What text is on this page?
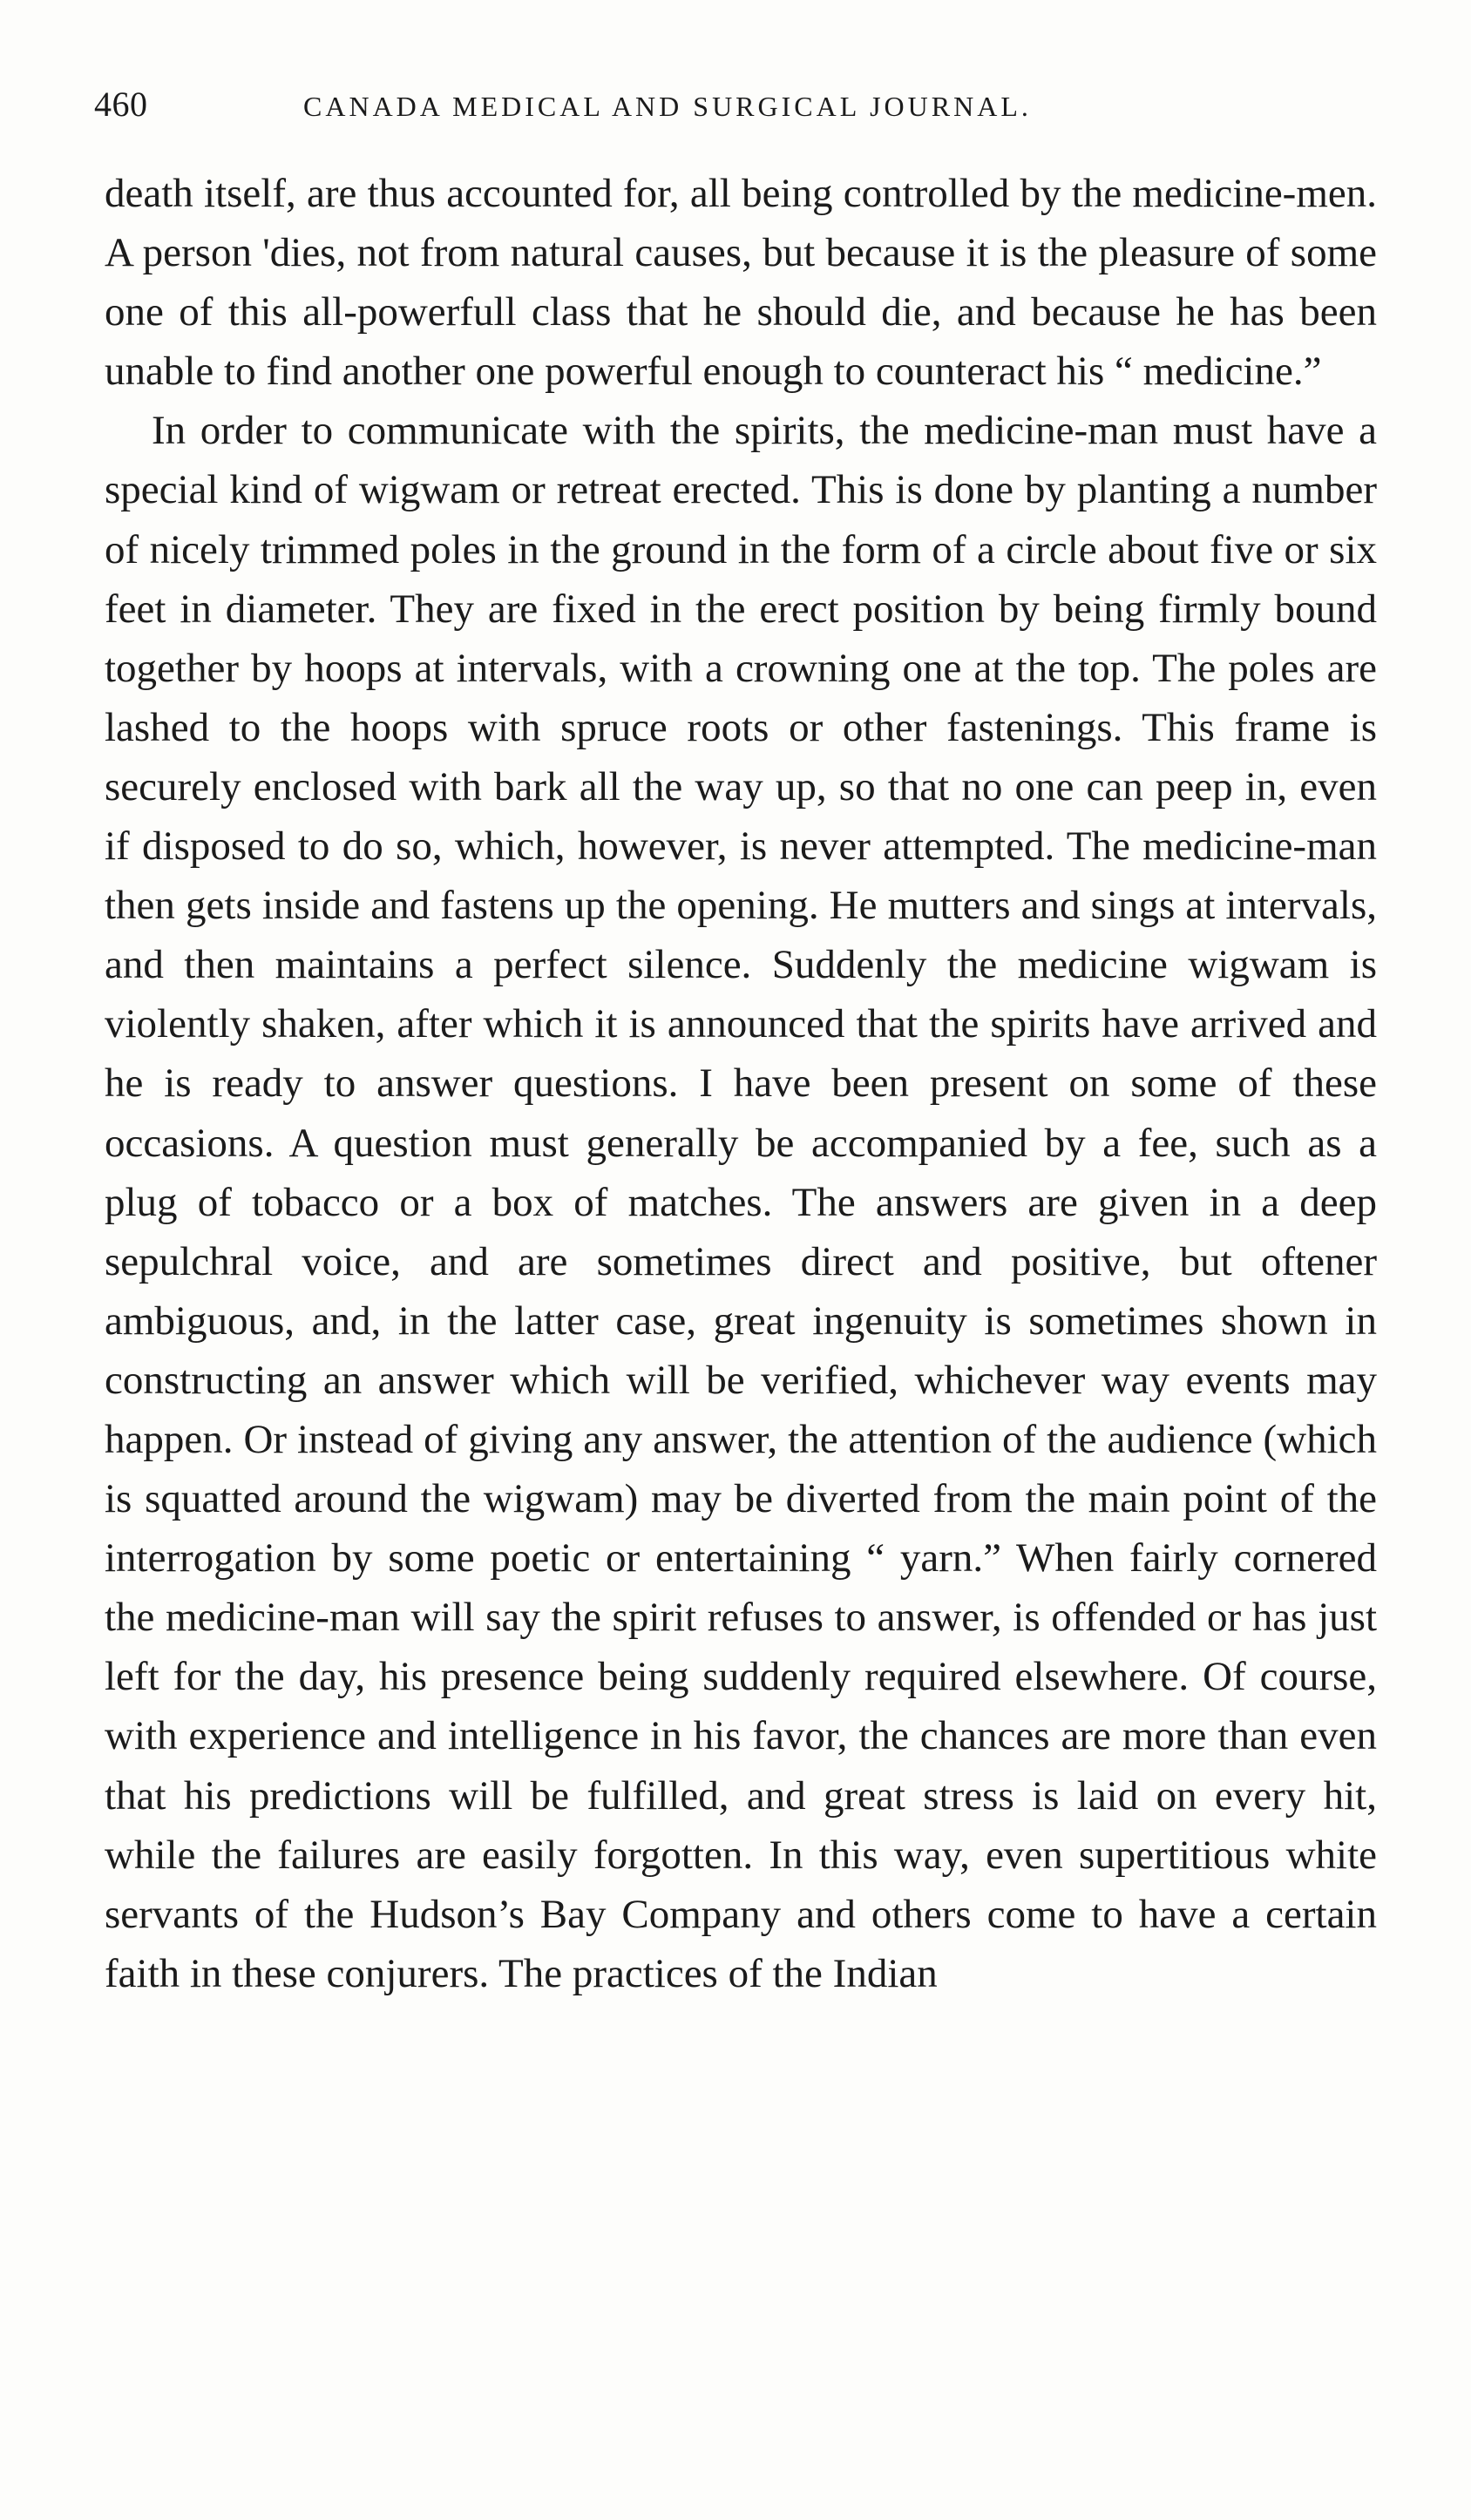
460	CANADA MEDICAL AND SURGICAL JOURNAL.

death itself, are thus accounted for, all being controlled by the medicine-men. A person 'dies, not from natural causes, but because it is the pleasure of some one of this all-powerfull class that he should die, and because he has been unable to find another one powerful enough to counteract his “ medicine.”

In order to communicate with the spirits, the medicine-man must have a special kind of wigwam or retreat erected. This is done by planting a number of nicely trimmed poles in the ground in the form of a circle about five or six feet in diameter. They are fixed in the erect position by being firmly bound together by hoops at intervals, with a crowning one at the top. The poles are lashed to the hoops with spruce roots or other fastenings. This frame is securely enclosed with bark all the way up, so that no one can peep in, even if disposed to do so, which, however, is never attempted. The medicine-man then gets inside and fastens up the opening. He mutters and sings at intervals, and then maintains a perfect silence. Suddenly the medicine wigwam is violently shaken, after which it is announced that the spirits have arrived and he is ready to answer questions. I have been present on some of these occasions. A question must generally be accompanied by a fee, such as a plug of tobacco or a box of matches. The answers are given in a deep sepulchral voice, and are sometimes direct and positive, but oftener ambiguous, and, in the latter case, great ingenuity is sometimes shown in constructing an answer which will be verified, whichever way events may happen. Or instead of giving any answer, the attention of the audience (which is squatted around the wigwam) may be diverted from the main point of the interrogation by some poetic or entertaining “ yarn.” When fairly cornered the medicine-man will say the spirit refuses to answer, is offended or has just left for the day, his presence being suddenly required elsewhere. Of course, with experience and intelligence in his favor, the chances are more than even that his predictions will be fulfilled, and great stress is laid on every hit, while the failures are easily forgotten. In this way, even supertitious white servants of the Hudson’s Bay Company and others come to have a certain faith in these conjurers. The practices of the Indian
